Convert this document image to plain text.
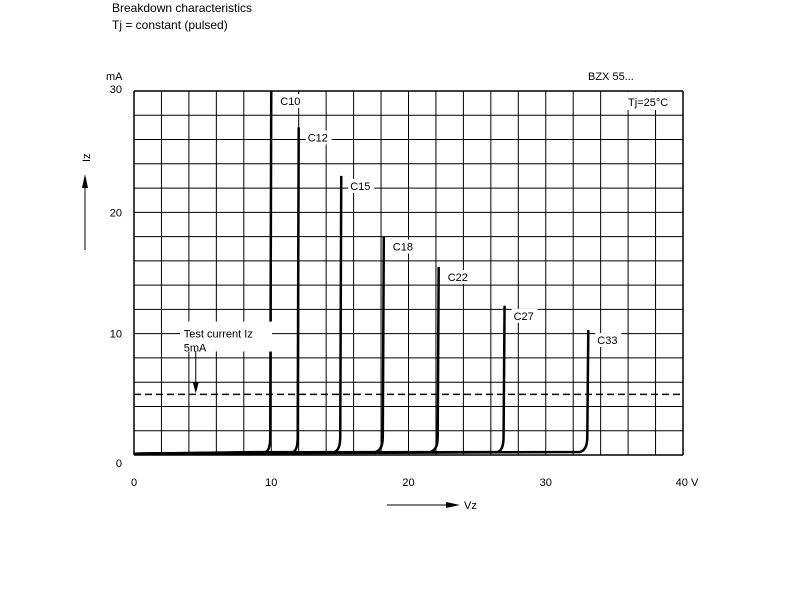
Breakdown characteristics
Tj = constant (pulsed)
BZX 55...
mA
0	10	20	30	40 V
0
10
20
30
C10
C12
C15
C18
C22
C27
C33
Test current Iz
5mA
Tj=25°C
Iz
Vz
